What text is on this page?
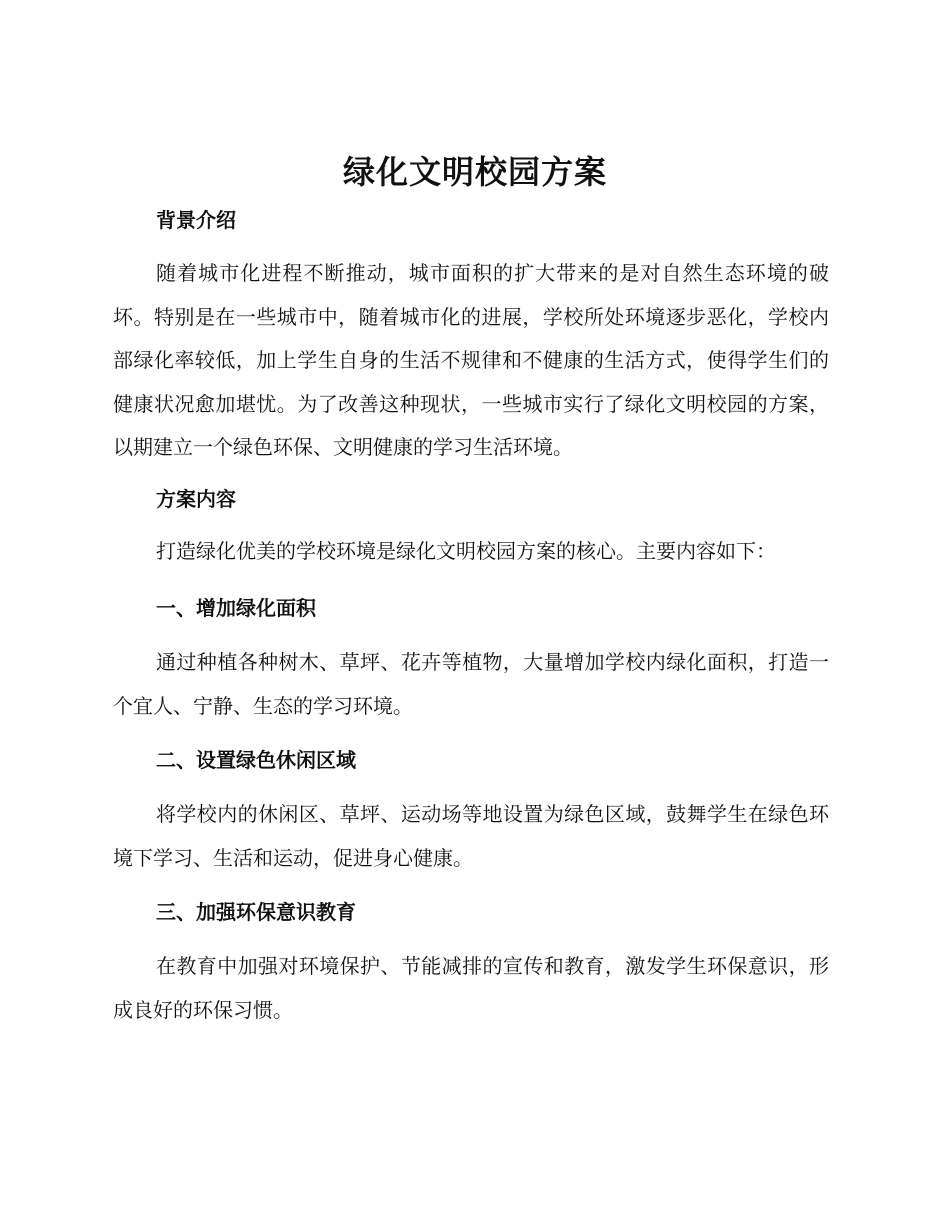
绿化文明校园方案
背景介绍

随着城市化进程不断推动，城市面积的扩大带来的是对自然生态环境的破坏。特别是在一些城市中，随着城市化的进展，学校所处环境逐步恶化，学校内部绿化率较低，加上学生自身的生活不规律和不健康的生活方式，使得学生们的健康状况愈加堪忧。为了改善这种现状，一些城市实行了绿化文明校园的方案，以期建立一个绿色环保、文明健康的学习生活环境。

方案内容

打造绿化优美的学校环境是绿化文明校园方案的核心。主要内容如下：

一、增加绿化面积

通过种植各种树木、草坪、花卉等植物，大量增加学校内绿化面积，打造一个宜人、宁静、生态的学习环境。

二、设置绿色休闲区域

将学校内的休闲区、草坪、运动场等地设置为绿色区域，鼓舞学生在绿色环境下学习、生活和运动，促进身心健康。

三、加强环保意识教育

在教育中加强对环境保护、节能减排的宣传和教育，激发学生环保意识，形成良好的环保习惯。
